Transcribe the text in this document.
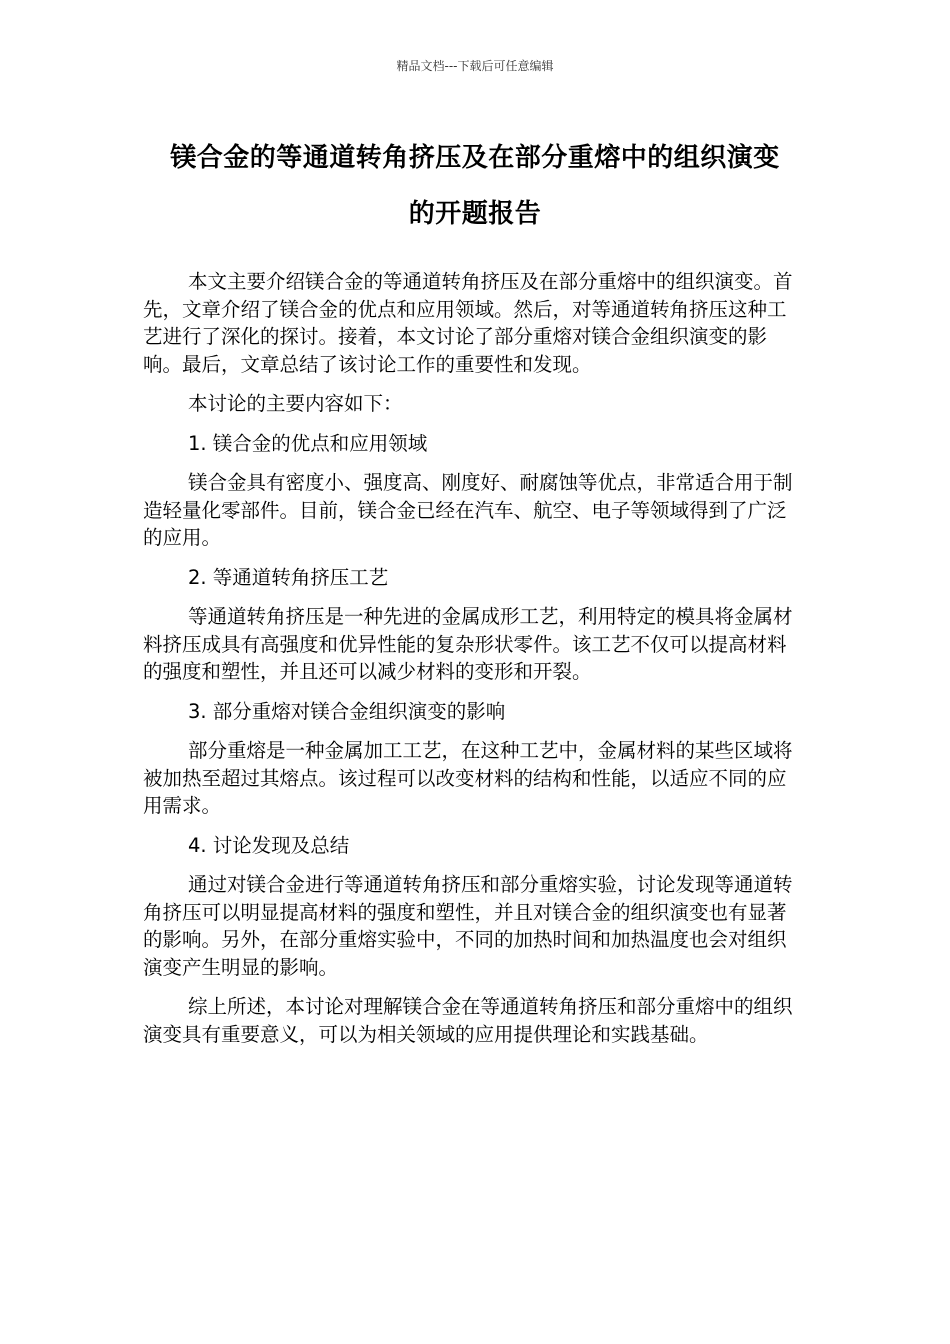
精品文档---下载后可任意编辑
镁合金的等通道转角挤压及在部分重熔中的组织演变
的开题报告

本文主要介绍镁合金的等通道转角挤压及在部分重熔中的组织演变。首先，文章介绍了镁合金的优点和应用领域。然后，对等通道转角挤压这种工艺进行了深化的探讨。接着，本文讨论了部分重熔对镁合金组织演变的影响。最后，文章总结了该讨论工作的重要性和发现。

本讨论的主要内容如下：

1. 镁合金的优点和应用领域

镁合金具有密度小、强度高、刚度好、耐腐蚀等优点，非常适合用于制造轻量化零部件。目前，镁合金已经在汽车、航空、电子等领域得到了广泛的应用。

2. 等通道转角挤压工艺

等通道转角挤压是一种先进的金属成形工艺，利用特定的模具将金属材料挤压成具有高强度和优异性能的复杂形状零件。该工艺不仅可以提高材料的强度和塑性，并且还可以减少材料的变形和开裂。

3. 部分重熔对镁合金组织演变的影响

部分重熔是一种金属加工工艺，在这种工艺中，金属材料的某些区域将被加热至超过其熔点。该过程可以改变材料的结构和性能，以适应不同的应用需求。

4. 讨论发现及总结

通过对镁合金进行等通道转角挤压和部分重熔实验，讨论发现等通道转角挤压可以明显提高材料的强度和塑性，并且对镁合金的组织演变也有显著的影响。另外，在部分重熔实验中，不同的加热时间和加热温度也会对组织演变产生明显的影响。

综上所述，本讨论对理解镁合金在等通道转角挤压和部分重熔中的组织演变具有重要意义，可以为相关领域的应用提供理论和实践基础。
